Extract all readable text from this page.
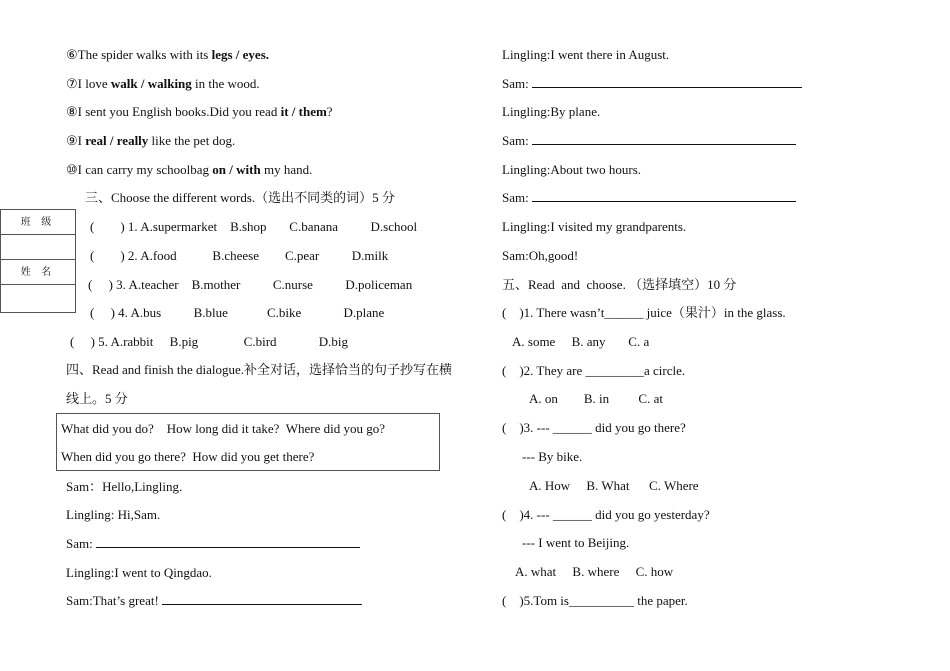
⑥The spider walks with its legs / eyes.
⑦I love walk / walking in the wood.
⑧I sent you English books.Did you read it / them?
⑨I real / really like the pet dog.
⑩I can carry my schoolbag on / with my hand.
三、Choose the different words.（选出不同类的词）5 分
班 级
姓 名
(        ) 1. A.supermarket    B.shop       C.banana          D.school
(        ) 2. A.food           B.cheese        C.pear          D.milk
(     ) 3. A.teacher    B.mother          C.nurse          D.policeman
(     ) 4. A.bus          B.blue            C.bike             D.plane
(     ) 5. A.rabbit     B.pig              C.bird             D.big
四、Read and finish the dialogue.补全对话，选择恰当的句子抄写在横
线上。5 分
What did you do?    How long did it take?  Where did you go?
When did you go there?  How did you get there?
Sam：Hello,Lingling.
Lingling: Hi,Sam.
Sam:
Lingling:I went to Qingdao.
Sam:That’s great!
Lingling:I went there in August.
Sam:
Lingling:By plane.
Sam:
Lingling:About two hours.
Sam:
Lingling:I visited my grandparents.
Sam:Oh,good!
五、Read  and  choose. （选择填空）10 分
(    )1. There wasn’t______ juice（果汁）in the glass.
A. some     B. any       C. a
(    )2. They are _________a circle.
A. on        B. in         C. at
(    )3. --- ______ did you go there?
--- By bike.
A. How     B. What      C. Where
(    )4. --- ______ did you go yesterday?
--- I went to Beijing.
A. what     B. where     C. how
(    )5.Tom is__________ the paper.
